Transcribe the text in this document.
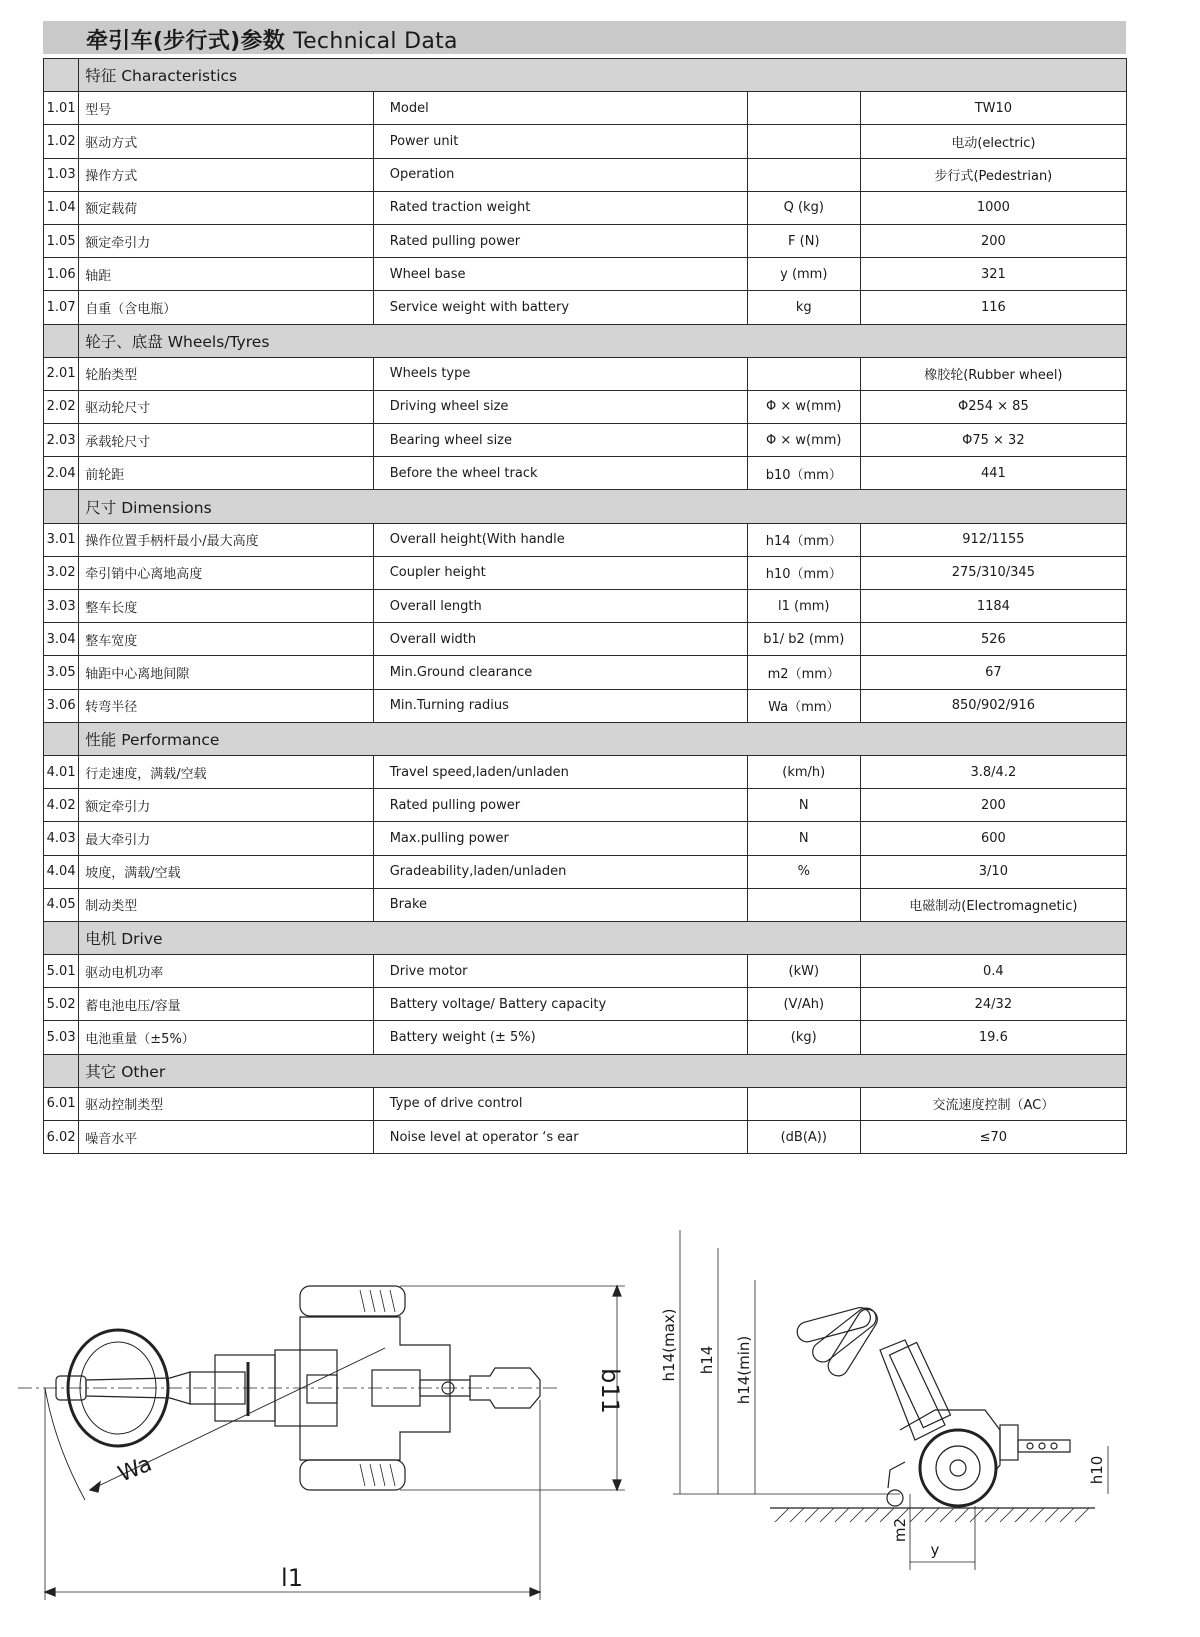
牵引车(步行式)参数 Technical Data
	特征 Characteristics			
1.01	型号	Model		TW10
1.02	驱动方式	Power unit		电动(electric)
1.03	操作方式	Operation		步行式(Pedestrian)
1.04	额定载荷	Rated traction weight	Q (kg)	1000
1.05	额定牵引力	Rated pulling power	F (N)	200
1.06	轴距	Wheel base	y (mm)	321
1.07	自重（含电瓶）	Service weight with battery	kg	116
	轮子、底盘 Wheels/Tyres			
2.01	轮胎类型	Wheels type		橡胶轮(Rubber wheel)
2.02	驱动轮尺寸	Driving wheel size	Φ × w(mm)	Φ254 × 85
2.03	承载轮尺寸	Bearing wheel size	Φ × w(mm)	Φ75 × 32
2.04	前轮距	Before the wheel track	b10（mm）	441
	尺寸 Dimensions			
3.01	操作位置手柄杆最小/最大高度	Overall height(With handle	h14（mm）	912/1155
3.02	牵引销中心离地高度	Coupler height	h10（mm）	275/310/345
3.03	整车长度	Overall length	l1 (mm)	1184
3.04	整车宽度	Overall width	b1/ b2 (mm)	526
3.05	轴距中心离地间隙	Min.Ground clearance	m2（mm）	67
3.06	转弯半径	Min.Turning radius	Wa（mm）	850/902/916
	性能 Performance			
4.01	行走速度，满载/空载	Travel speed,laden/unladen	(km/h)	3.8/4.2
4.02	额定牵引力	Rated pulling power	N	200
4.03	最大牵引力	Max.pulling power	N	600
4.04	坡度，满载/空载	Gradeability,laden/unladen	%	3/10
4.05	制动类型	Brake		电磁制动(Electromagnetic)
	电机 Drive			
5.01	驱动电机功率	Drive motor	(kW)	0.4
5.02	蓄电池电压/容量	Battery voltage/ Battery capacity	(V/Ah)	24/32
5.03	电池重量（±5%）	Battery weight (± 5%)	(kg)	19.6
	其它 Other			
6.01	驱动控制类型	Type of drive control		交流速度控制（AC）
6.02	噪音水平	Noise level at operator ‘s ear	(dB(A))	≤70
Wa
b11
l1
h14(max) h14 h14(min)
h10
m2
y
